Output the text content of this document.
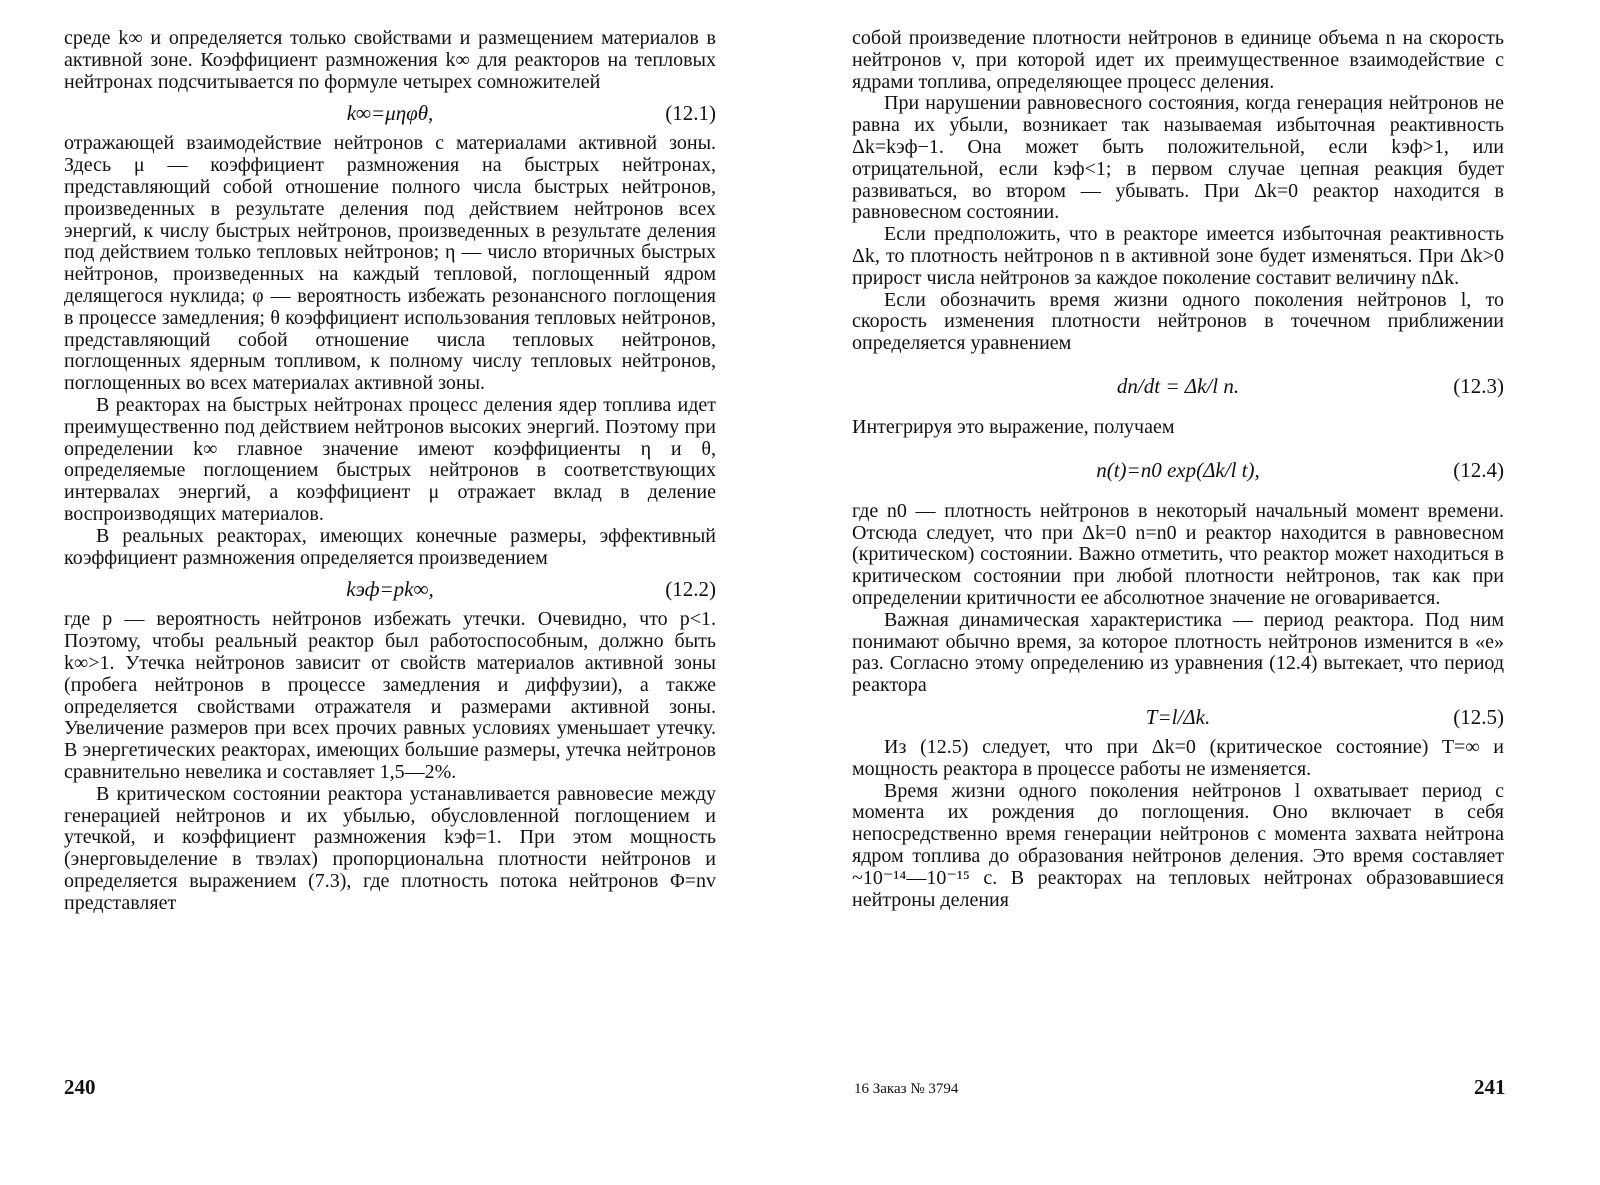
среде k∞ и определяется только свойствами и размещением материалов в активной зоне. Коэффициент размножения k∞ для реакторов на тепловых нейтронах подсчитывается по формуле четырех сомножителей

k∞=μηφθ,	(12.1)

отражающей взаимодействие нейтронов с материалами активной зоны. Здесь μ — коэффициент размножения на быстрых нейтронах, представляющий собой отношение полного числа быстрых нейтронов, произведенных в результате деления под действием нейтронов всех энергий, к числу быстрых нейтронов, произведенных в результате деления под действием только тепловых нейтронов; η — число вторичных быстрых нейтронов, произведенных на каждый тепловой, поглощенный ядром делящегося нуклида; φ — вероятность избежать резонансного поглощения в процессе замедления; θ коэффициент использования тепловых нейтронов, представляющий собой отношение числа тепловых нейтронов, поглощенных ядерным топливом, к полному числу тепловых нейтронов, поглощенных во всех материалах активной зоны.

В реакторах на быстрых нейтронах процесс деления ядер топлива идет преимущественно под действием нейтронов высоких энергий. Поэтому при определении k∞ главное значение имеют коэффициенты η и θ, определяемые поглощением быстрых нейтронов в соответствующих интервалах энергий, а коэффициент μ отражает вклад в деление воспроизводящих материалов.

В реальных реакторах, имеющих конечные размеры, эффективный коэффициент размножения определяется произведением

kэф=pk∞,	(12.2)

где p — вероятность нейтронов избежать утечки. Очевидно, что p<1. Поэтому, чтобы реальный реактор был работоспособным, должно быть k∞>1. Утечка нейтронов зависит от свойств материалов активной зоны (пробега нейтронов в процессе замедления и диффузии), а также определяется свойствами отражателя и размерами активной зоны. Увеличение размеров при всех прочих равных условиях уменьшает утечку. В энергетических реакторах, имеющих большие размеры, утечка нейтронов сравнительно невелика и составляет 1,5—2%.

В критическом состоянии реактора устанавливается равновесие между генерацией нейтронов и их убылью, обусловленной поглощением и утечкой, и коэффициент размножения kэф=1. При этом мощность (энерговыделение в твэлах) пропорциональна плотности нейтронов и определяется выражением (7.3), где плотность потока нейтронов Φ=nv представляет

240

собой произведение плотности нейтронов в единице объема n на скорость нейтронов v, при которой идет их преимущественное взаимодействие с ядрами топлива, определяющее процесс деления.

При нарушении равновесного состояния, когда генерация нейтронов не равна их убыли, возникает так называемая избыточная реактивность Δk=kэф−1. Она может быть положительной, если kэф>1, или отрицательной, если kэф<1; в первом случае цепная реакция будет развиваться, во втором — убывать. При Δk=0 реактор находится в равновесном состоянии.

Если предположить, что в реакторе имеется избыточная реактивность Δk, то плотность нейтронов n в активной зоне будет изменяться. При Δk>0 прирост числа нейтронов за каждое поколение составит величину nΔk.

Если обозначить время жизни одного поколения нейтронов l, то скорость изменения плотности нейтронов в точечном приближении определяется уравнением

dn/dt = Δk/l n.	(12.3)

Интегрируя это выражение, получаем

n(t)=n0 exp(Δk/l t),	(12.4)

где n0 — плотность нейтронов в некоторый начальный момент времени. Отсюда следует, что при Δk=0 n=n0 и реактор находится в равновесном (критическом) состоянии. Важно отметить, что реактор может находиться в критическом состоянии при любой плотности нейтронов, так как при определении критичности ее абсолютное значение не оговаривается.

Важная динамическая характеристика — период реактора. Под ним понимают обычно время, за которое плотность нейтронов изменится в «e» раз. Согласно этому определению из уравнения (12.4) вытекает, что период реактора

T=l/Δk.	(12.5)

Из (12.5) следует, что при Δk=0 (критическое состояние) T=∞ и мощность реактора в процессе работы не изменяется.

Время жизни одного поколения нейтронов l охватывает период с момента их рождения до поглощения. Оно включает в себя непосредственно время генерации нейтронов с момента захвата нейтрона ядром топлива до образования нейтронов деления. Это время составляет ~10⁻¹⁴—10⁻¹⁵ с. В реакторах на тепловых нейтронах образовавшиеся нейтроны деления

16 Заказ № 3794	241
